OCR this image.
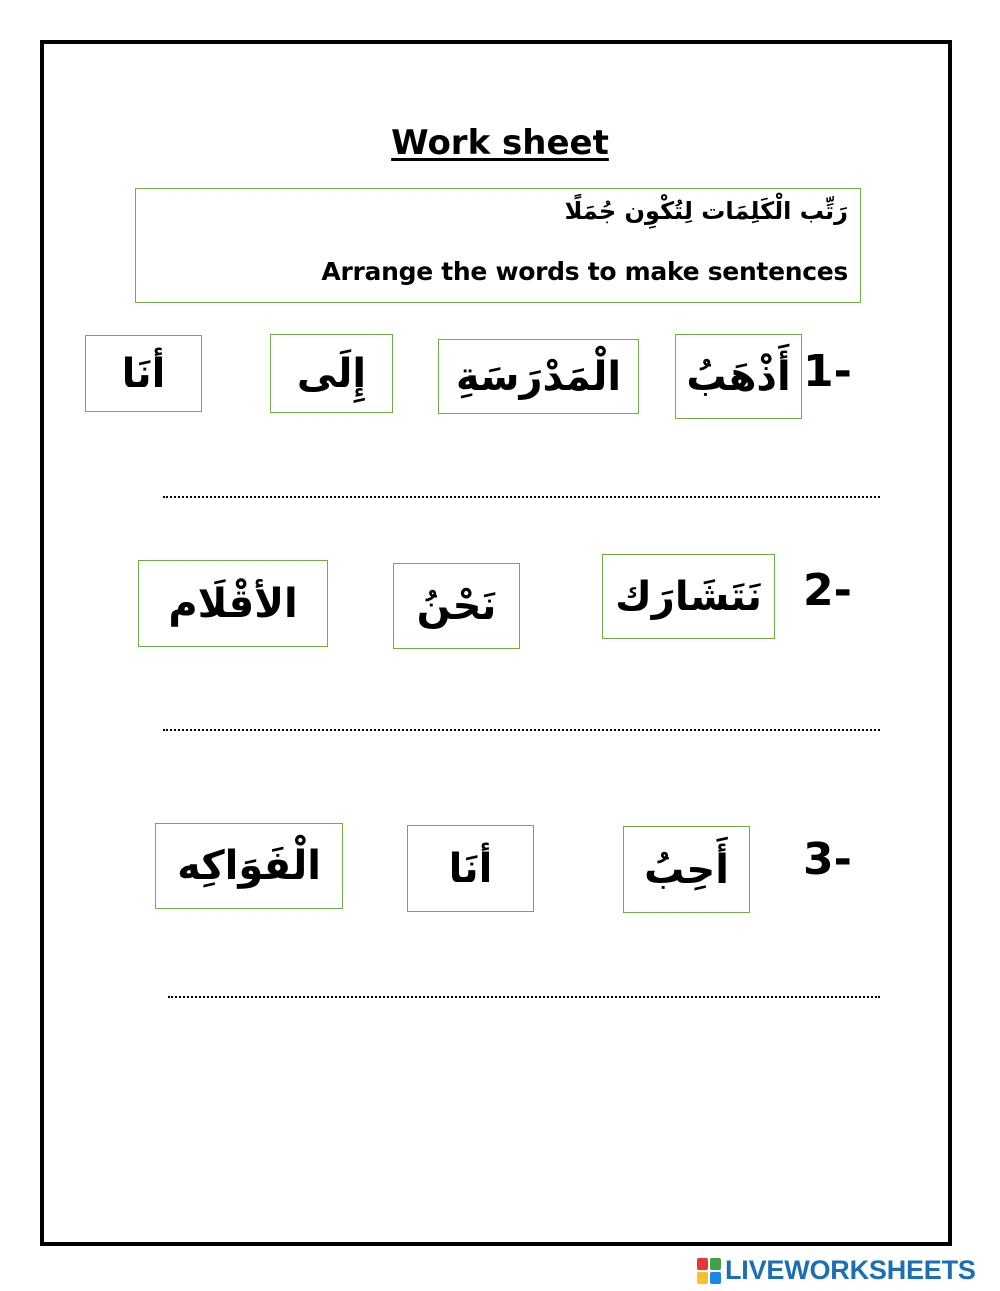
Work sheet
رَتِّب الْكَلِمَات لِتُكْوِن جُمَلًا
Arrange the words to make sentences
1-
أَذْهَبُ
الْمَدْرَسَةِ
إِلَى
أنَا
2-
نَتَشَارَك
نَحْنُ
الأقْلَام
3-
أَحِبُ
أنَا
الْفَوَاكِه
LIVEWORKSHEETS
